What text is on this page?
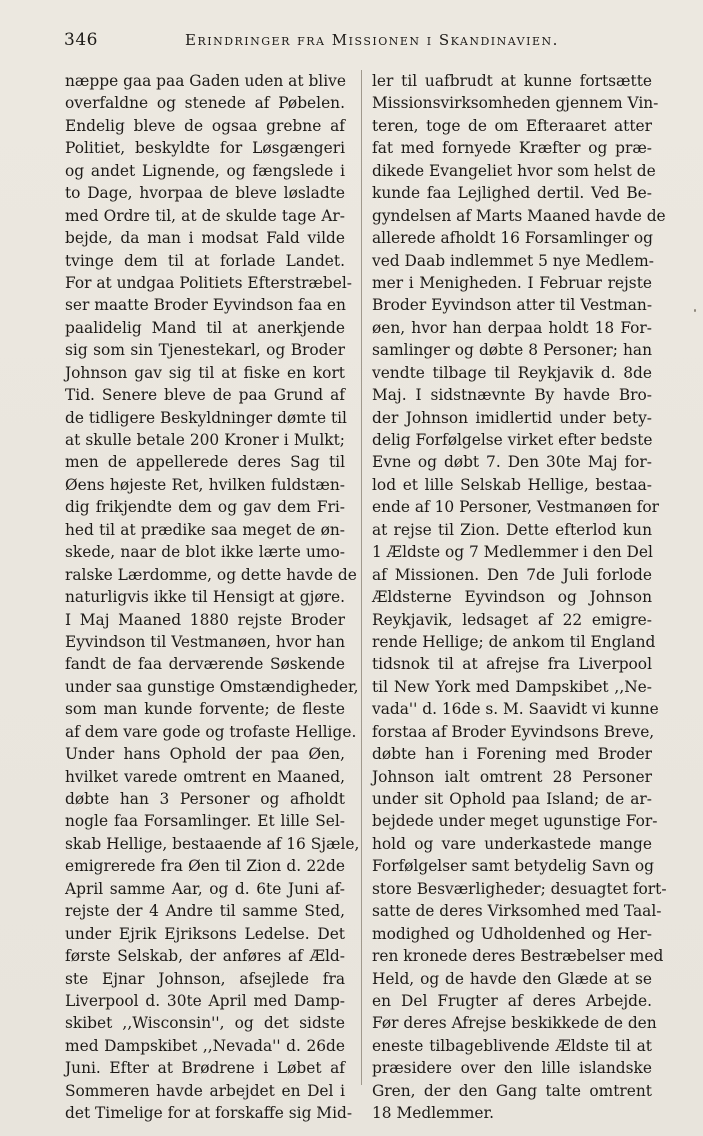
346	Erindringer fra Missionen i Skandinavien.
næppe gaa paa Gaden uden at blive
overfaldne og stenede af Pøbelen.
Endelig bleve de ogsaa grebne af
Politiet, beskyldte for Løsgængeri
og andet Lignende, og fængslede i
to Dage, hvorpaa de bleve løsladte
med Ordre til, at de skulde tage Ar-
bejde, da man i modsat Fald vilde
tvinge dem til at forlade Landet.
For at undgaa Politiets Efterstræbel-
ser maatte Broder Eyvindson faa en
paalidelig Mand til at anerkjende
sig som sin Tjenestekarl, og Broder
Johnson gav sig til at fiske en kort
Tid. Senere bleve de paa Grund af
de tidligere Beskyldninger dømte til
at skulle betale 200 Kroner i Mulkt;
men de appellerede deres Sag til
Øens højeste Ret, hvilken fuldstæn-
dig frikjendte dem og gav dem Fri-
hed til at prædike saa meget de øn-
skede, naar de blot ikke lærte umo-
ralske Lærdomme, og dette havde de
naturligvis ikke til Hensigt at gjøre.
I Maj Maaned 1880 rejste Broder
Eyvindson til Vestmanøen, hvor han
fandt de faa derværende Søskende
under saa gunstige Omstændigheder,
som man kunde forvente; de fleste
af dem vare gode og trofaste Hellige.
Under hans Ophold der paa Øen,
hvilket varede omtrent en Maaned,
døbte han 3 Personer og afholdt
nogle faa Forsamlinger. Et lille Sel-
skab Hellige, bestaaende af 16 Sjæle,
emigrerede fra Øen til Zion d. 22de
April samme Aar, og d. 6te Juni af-
rejste der 4 Andre til samme Sted,
under Ejrik Ejriksons Ledelse. Det
første Selskab, der anføres af Æld-
ste Ejnar Johnson, afsejlede fra
Liverpool d. 30te April med Damp-
skibet ,,Wisconsin'', og det sidste
med Dampskibet ,,Nevada'' d. 26de
Juni. Efter at Brødrene i Løbet af
Sommeren havde arbejdet en Del i
det Timelige for at forskaffe sig Mid-
ler til uafbrudt at kunne fortsætte
Missionsvirksomheden gjennem Vin-
teren, toge de om Efteraaret atter
fat med fornyede Kræfter og præ-
dikede Evangeliet hvor som helst de
kunde faa Lejlighed dertil. Ved Be-
gyndelsen af Marts Maaned havde de
allerede afholdt 16 Forsamlinger og
ved Daab indlemmet 5 nye Medlem-
mer i Menigheden. I Februar rejste
Broder Eyvindson atter til Vestman-
øen, hvor han derpaa holdt 18 For-
samlinger og døbte 8 Personer; han
vendte tilbage til Reykjavik d. 8de
Maj. I sidstnævnte By havde Bro-
der Johnson imidlertid under bety-
delig Forfølgelse virket efter bedste
Evne og døbt 7. Den 30te Maj for-
lod et lille Selskab Hellige, bestaa-
ende af 10 Personer, Vestmanøen for
at rejse til Zion. Dette efterlod kun
1 Ældste og 7 Medlemmer i den Del
af Missionen. Den 7de Juli forlode
Ældsterne Eyvindson og Johnson
Reykjavik, ledsaget af 22 emigre-
rende Hellige; de ankom til England
tidsnok til at afrejse fra Liverpool
til New York med Dampskibet ,,Ne-
vada'' d. 16de s. M. Saavidt vi kunne
forstaa af Broder Eyvindsons Breve,
døbte han i Forening med Broder
Johnson ialt omtrent 28 Personer
under sit Ophold paa Island; de ar-
bejdede under meget ugunstige For-
hold og vare underkastede mange
Forfølgelser samt betydelig Savn og
store Besværligheder; desuagtet fort-
satte de deres Virksomhed med Taal-
modighed og Udholdenhed og Her-
ren kronede deres Bestræbelser med
Held, og de havde den Glæde at se
en Del Frugter af deres Arbejde.
Før deres Afrejse beskikkede de den
eneste tilbageblivende Ældste til at
præsidere over den lille islandske
Gren, der den Gang talte omtrent
18 Medlemmer.
